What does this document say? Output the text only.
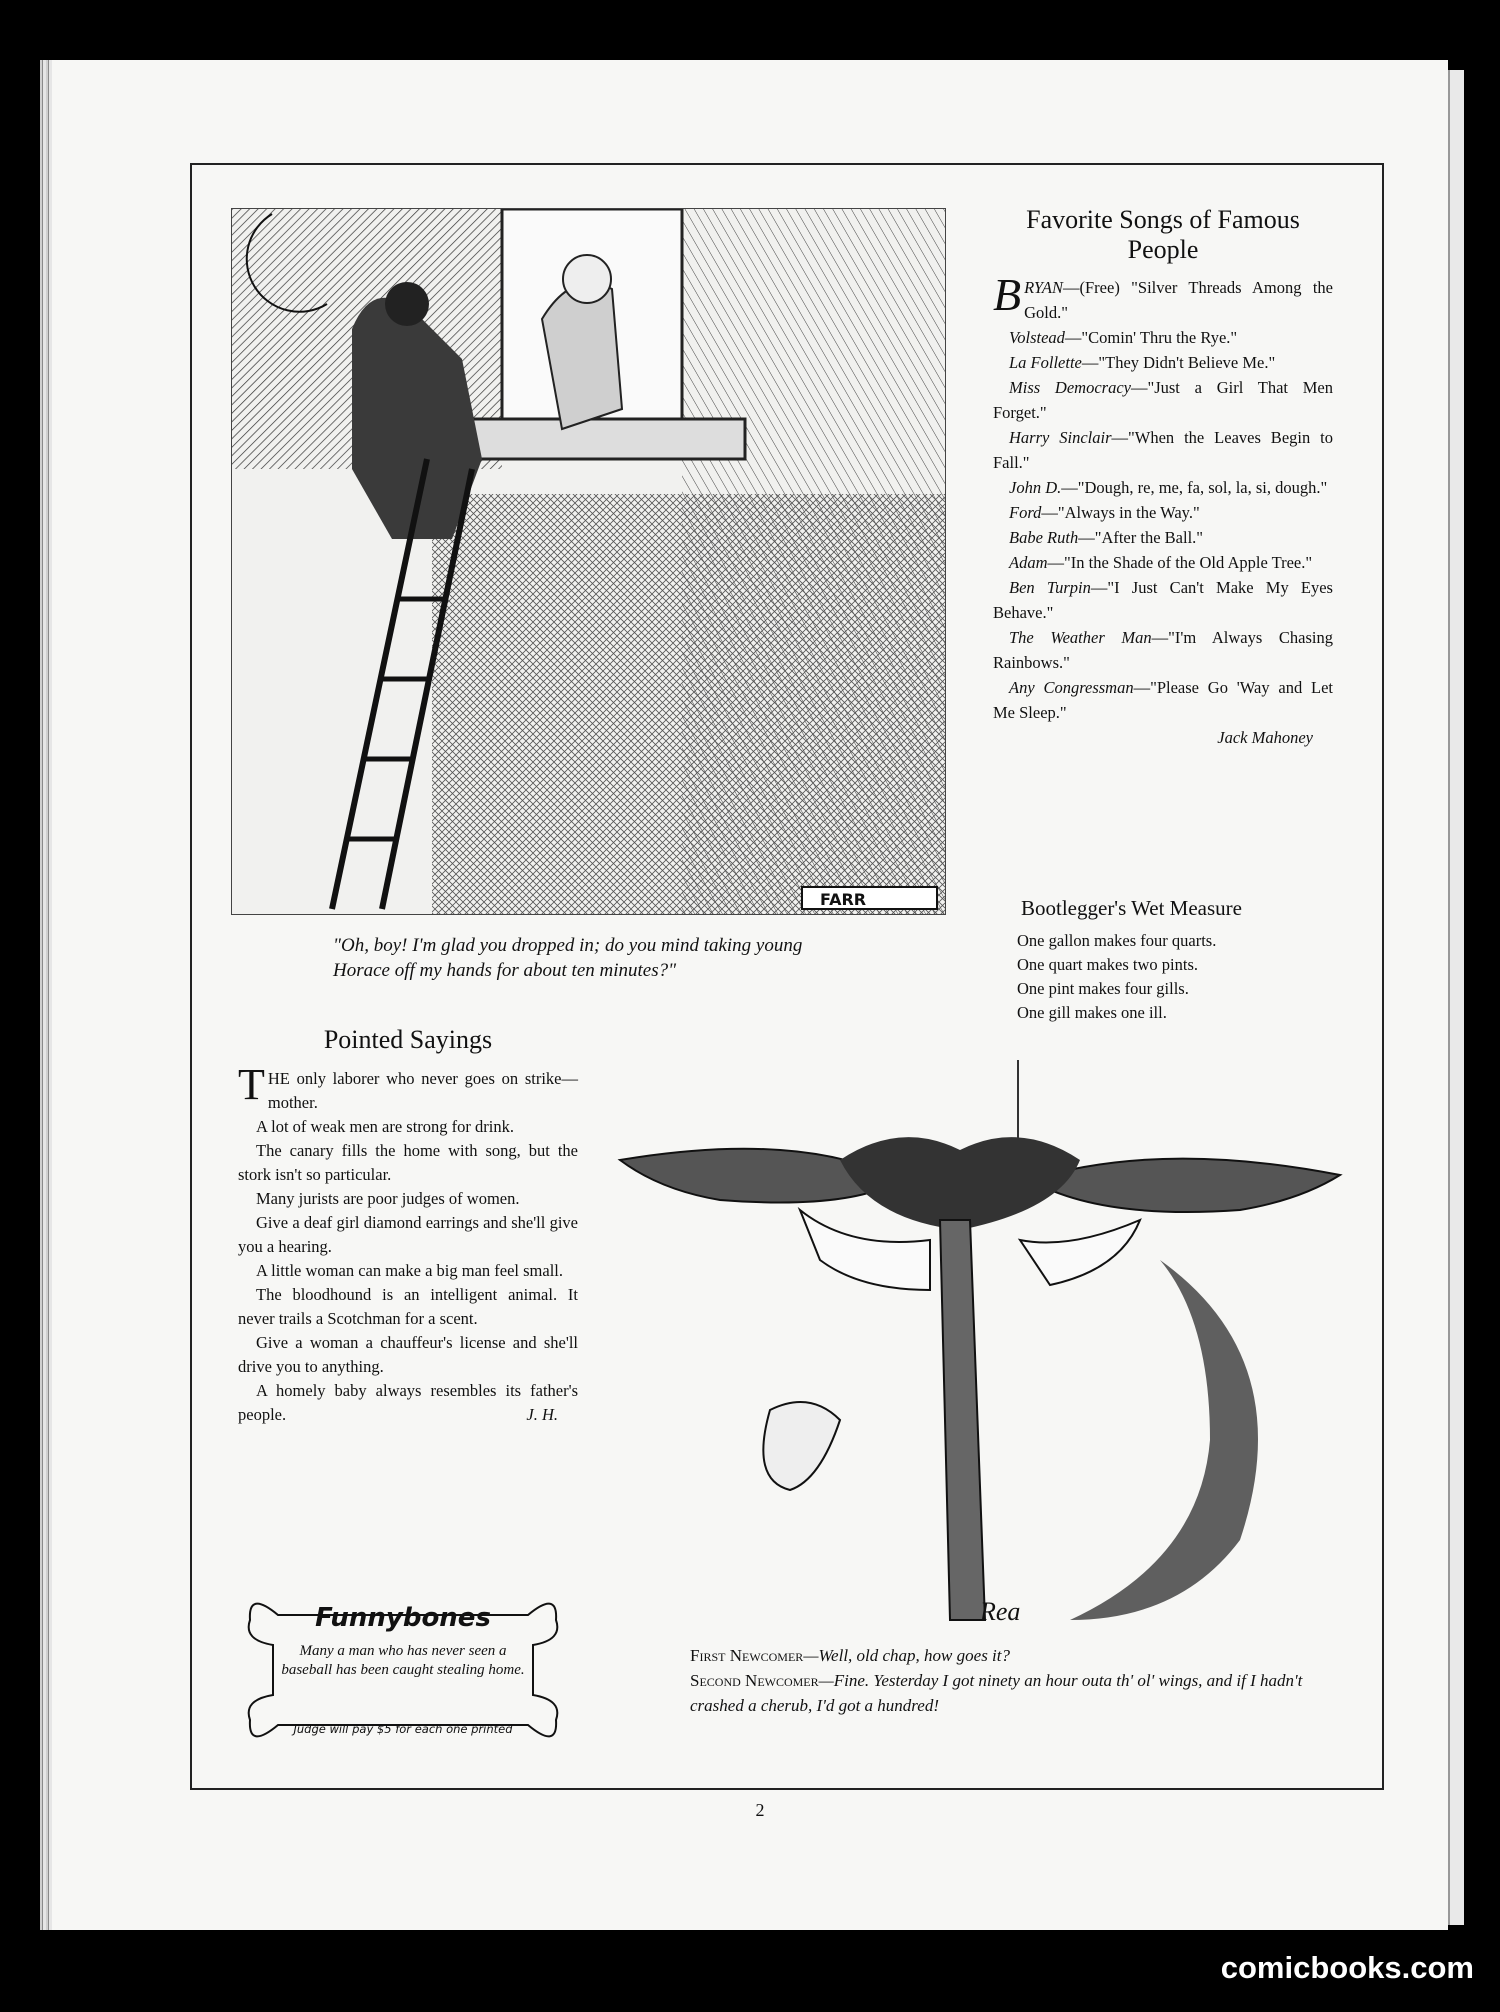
FARR
"Oh, boy! I'm glad you dropped in; do you mind taking young
Horace off my hands for about ten minutes?"
Favorite Songs of Famous
People

BRYAN—(Free) "Silver Threads Among the Gold."

Volstead—"Comin' Thru the Rye."

La Follette—"They Didn't Believe Me."

Miss Democracy—"Just a Girl That Men Forget."

Harry Sinclair—"When the Leaves Begin to Fall."

John D.—"Dough, re, me, fa, sol, la, si, dough."

Ford—"Always in the Way."

Babe Ruth—"After the Ball."

Adam—"In the Shade of the Old Apple Tree."

Ben Turpin—"I Just Can't Make My Eyes Behave."

The Weather Man—"I'm Always Chasing Rainbows."

Any Congressman—"Please Go 'Way and Let Me Sleep."

Jack Mahoney
Bootlegger's Wet Measure
One gallon makes four quarts.
One quart makes two pints.
One pint makes four gills.
One gill makes one ill.
Pointed Sayings

THE only laborer who never goes on strike—mother.

A lot of weak men are strong for drink.

The canary fills the home with song, but the stork isn't so particular.

Many jurists are poor judges of women.

Give a deaf girl diamond earrings and she'll give you a hearing.

A little woman can make a big man feel small.

The bloodhound is an intelligent animal. It never trails a Scotchman for a scent.

Give a woman a chauffeur's license and she'll drive you to anything.

A homely baby always resembles its father's people.	J. H.

Funnybones
Many a man who has never seen a baseball has been caught stealing home.
Judge will pay $5 for each one printed
Rea
First Newcomer—Well, old chap, how goes it?
Second Newcomer—Fine. Yesterday I got ninety an hour outa th' ol' wings, and if I hadn't crashed a cherub, I'd got a hundred!
2
comicbooks.com
